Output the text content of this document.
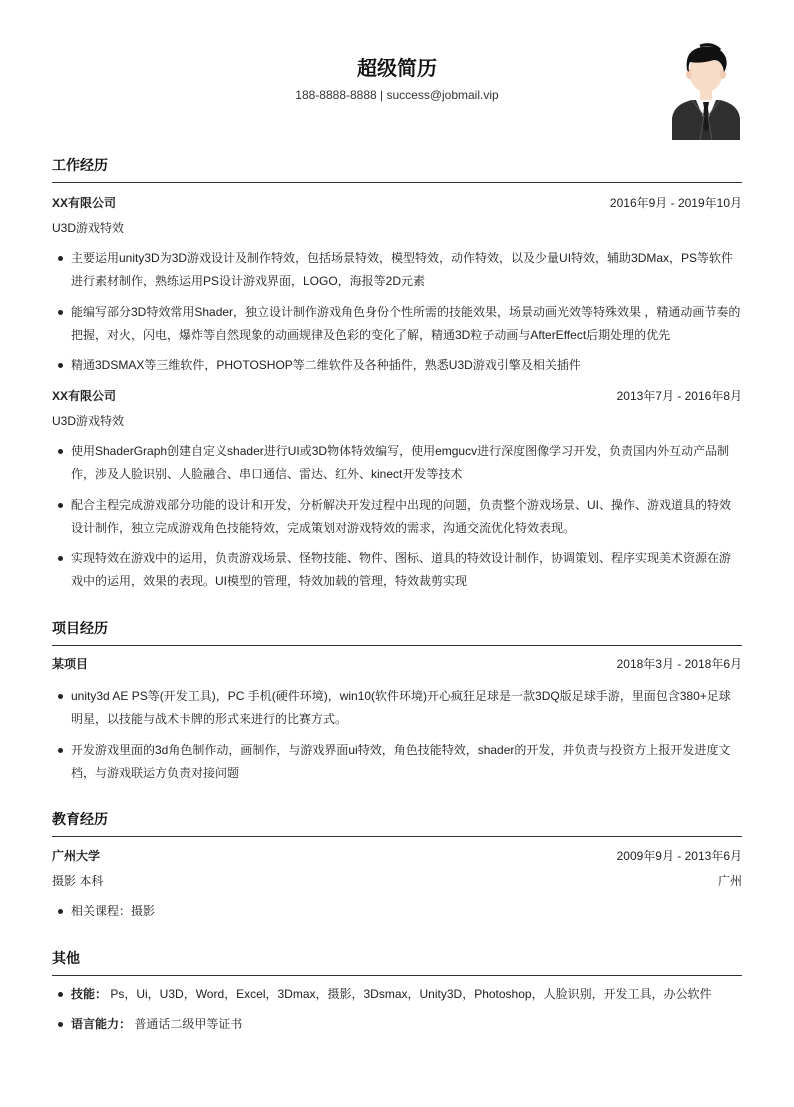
超级简历
188-8888-8888 | success@jobmail.vip
工作经历
XX有限公司	2016年9月 - 2019年10月
U3D游戏特效
主要运用unity3D为3D游戏设计及制作特效，包括场景特效，模型特效，动作特效，以及少量UI特效，辅助3DMax，PS等软件进行素材制作，熟练运用PS设计游戏界面，LOGO，海报等2D元素
能编写部分3D特效常用Shader，独立设计制作游戏角色身份个性所需的技能效果，场景动画光效等特殊效果 ，精通动画节奏的把握，对火，闪电，爆炸等自然现象的动画规律及色彩的变化了解，精通3D粒子动画与AfterEffect后期处理的优先
精通3DSMAX等三维软件，PHOTOSHOP等二维软件及各种插件，熟悉U3D游戏引擎及相关插件
XX有限公司	2013年7月 - 2016年8月
U3D游戏特效
使用ShaderGraph创建自定义shader进行UI或3D物体特效编写，使用emgucv进行深度图像学习开发，负责国内外互动产品制作，涉及人脸识别、人脸融合、串口通信、雷达、红外、kinect开发等技术
配合主程完成游戏部分功能的设计和开发，分析解决开发过程中出现的问题，负责整个游戏场景、UI、操作、游戏道具的特效设计制作，独立完成游戏角色技能特效，完成策划对游戏特效的需求，沟通交流优化特效表现。
实现特效在游戏中的运用，负责游戏场景、怪物技能、物件、图标、道具的特效设计制作，协调策划、程序实现美术资源在游戏中的运用，效果的表现。UI模型的管理，特效加载的管理，特效裁剪实现
项目经历
某项目	2018年3月 - 2018年6月
unity3d AE PS等(开发工具)，PC 手机(硬件环境)，win10(软件环境)开心疯狂足球是一款3DQ版足球手游，里面包含380+足球明星，以技能与战术卡牌的形式来进行的比赛方式。
开发游戏里面的3d角色制作动，画制作，与游戏界面ui特效，角色技能特效，shader的开发，并负责与投资方上报开发进度文档，与游戏联运方负责对接问题
教育经历
广州大学	2009年9月 - 2013年6月
摄影 本科	广州
相关课程：摄影
其他
技能： Ps，Ui，U3D，Word，Excel，3Dmax，摄影，3Dsmax，Unity3D，Photoshop，人脸识别，开发工具，办公软件
语言能力： 普通话二级甲等证书
